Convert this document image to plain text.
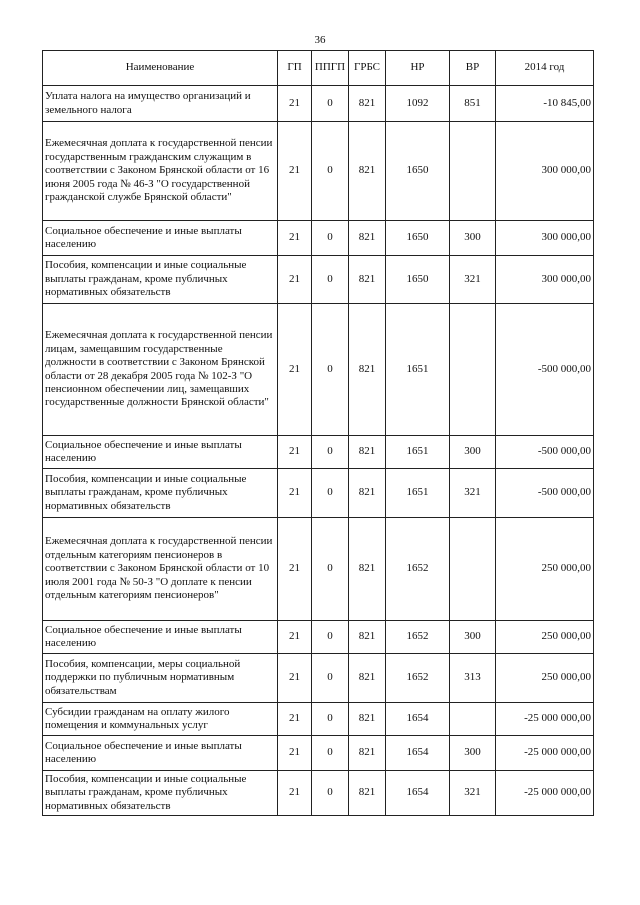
36
Наименование	ГП	ППГП	ГРБС	НР	ВР	2014 год
Уплата налога на имущество организаций и земельного налога	21	0	821	1092	851	-10 845,00
Ежемесячная доплата к государственной пенсии государственным гражданским служащим в соответствии с Законом Брянской области от 16 июня 2005 года № 46-З "О государственной гражданской службе Брянской области"	21	0	821	1650		300 000,00
Социальное обеспечение и иные выплаты населению	21	0	821	1650	300	300 000,00
Пособия, компенсации и иные социальные выплаты гражданам, кроме публичных нормативных обязательств	21	0	821	1650	321	300 000,00
Ежемесячная доплата к государственной пенсии лицам, замещавшим государственные должности в соответствии с Законом Брянской области от 28 декабря 2005 года № 102-З "О пенсионном обеспечении лиц, замещавших государственные должности Брянской области"	21	0	821	1651		-500 000,00
Социальное обеспечение и иные выплаты населению	21	0	821	1651	300	-500 000,00
Пособия, компенсации и иные социальные выплаты гражданам, кроме публичных нормативных обязательств	21	0	821	1651	321	-500 000,00
Ежемесячная доплата к государственной пенсии отдельным категориям пенсионеров в соответствии с Законом Брянской области от 10 июля 2001 года № 50-З "О доплате к пенсии отдельным категориям пенсионеров"	21	0	821	1652		250 000,00
Социальное обеспечение и иные выплаты населению	21	0	821	1652	300	250 000,00
Пособия, компенсации, меры социальной поддержки по публичным нормативным обязательствам	21	0	821	1652	313	250 000,00
Субсидии гражданам на оплату жилого помещения и коммунальных услуг	21	0	821	1654		-25 000 000,00
Социальное обеспечение и иные выплаты населению	21	0	821	1654	300	-25 000 000,00
Пособия, компенсации и иные социальные выплаты гражданам, кроме публичных нормативных обязательств	21	0	821	1654	321	-25 000 000,00
